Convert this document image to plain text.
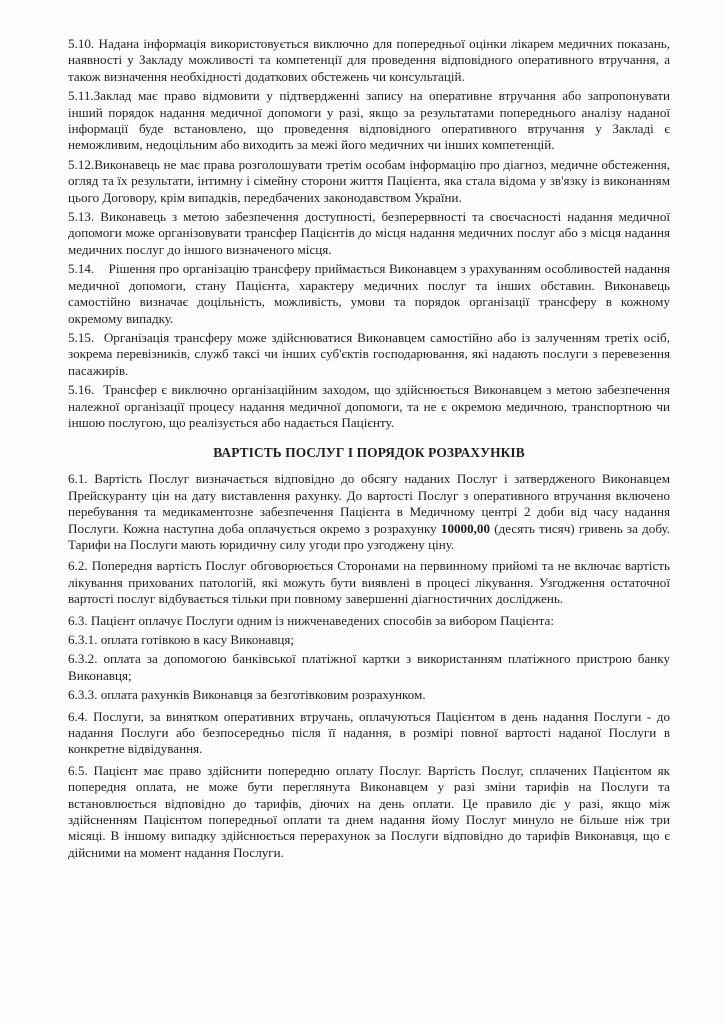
5.10. Надана інформація використовується виключно для попередньої оцінки лікарем медичних показань, наявності у Закладу можливості та компетенції для проведення відповідного оперативного втручання, а також визначення необхідності додаткових обстежень чи консультацій.

5.11.Заклад має право відмовити у підтвердженні запису на оперативне втручання або запропонувати інший порядок надання медичної допомоги у разі, якщо за результатами попереднього аналізу наданої інформації буде встановлено, що проведення відповідного оперативного втручання у Закладі є неможливим, недоцільним або виходить за межі його медичних чи інших компетенцій.

5.12.Виконавець не має права розголошувати третім особам інформацію про діагноз, медичне обстеження, огляд та їх результати, інтимну і сімейну сторони життя Пацієнта, яка стала відома у зв'язку із виконанням цього Договору, крім випадків, передбачених законодавством України.

5.13. Виконавець з метою забезпечення доступності, безперервності та своєчасності надання медичної допомоги може організовувати трансфер Пацієнтів до місця надання медичних послуг або з місця надання медичних послуг до іншого визначеного місця.

5.14.    Рішення про організацію трансферу приймається Виконавцем з урахуванням особливостей надання медичної допомоги, стану Пацієнта, характеру медичних послуг та інших обставин. Виконавець самостійно визначає доцільність, можливість, умови та порядок організації трансферу в кожному окремому випадку.

5.15.  Організація трансферу може здійснюватися Виконавцем самостійно або із залученням третіх осіб, зокрема перевізників, служб таксі чи інших суб'єктів господарювання, які надають послуги з перевезення пасажирів.

5.16.  Трансфер є виключно організаційним заходом, що здійснюється Виконавцем з метою забезпечення належної організації процесу надання медичної допомоги, та не є окремою медичною, транспортною чи іншою послугою, що реалізується або надається Пацієнту.

ВАРТІСТЬ ПОСЛУГ І ПОРЯДОК РОЗРАХУНКІВ

6.1. Вартість Послуг визначається відповідно до обсягу наданих Послуг і затвердженого Виконавцем Прейскуранту цін на дату виставлення рахунку. До вартості Послуг з оперативного втручання включено перебування та медикаментозне забезпечення Пацієнта в Медичному центрі 2 доби від часу надання Послуги. Кожна наступна доба оплачується окремо з розрахунку 10000,00 (десять тисяч) гривень за добу. Тарифи на Послуги мають юридичну силу угоди про узгоджену ціну.

6.2. Попередня вартість Послуг обговорюється Сторонами на первинному прийомі та не включає вартість лікування прихованих патологій, які можуть бути виявлені в процесі лікування. Узгодження остаточної вартості послуг відбувається тільки при повному завершенні діагностичних досліджень.

6.3. Пацієнт оплачує Послуги одним із нижченаведених способів за вибором Пацієнта:

6.3.1. оплата готівкою в касу Виконавця;

6.3.2. оплата за допомогою банківської платіжної картки з використанням платіжного пристрою банку Виконавця;

6.3.3. оплата рахунків Виконавця за безготівковим розрахунком.

6.4. Послуги, за винятком оперативних втручань, оплачуються Пацієнтом в день надання Послуги - до надання Послуги або безпосередньо після її надання, в розмірі повної вартості наданої Послуги в конкретне відвідування.

6.5. Пацієнт має право здійснити попередню оплату Послуг. Вартість Послуг, сплачених Пацієнтом як попередня оплата, не може бути переглянута Виконавцем у разі зміни тарифів на Послуги та встановлюється відповідно до тарифів, діючих на день оплати. Це правило діє у разі, якщо між здійсненням Пацієнтом попередньої оплати та днем надання йому Послуг минуло не більше ніж три місяці. В іншому випадку здійснюється перерахунок за Послуги відповідно до тарифів Виконавця, що є дійсними на момент надання Послуги.
